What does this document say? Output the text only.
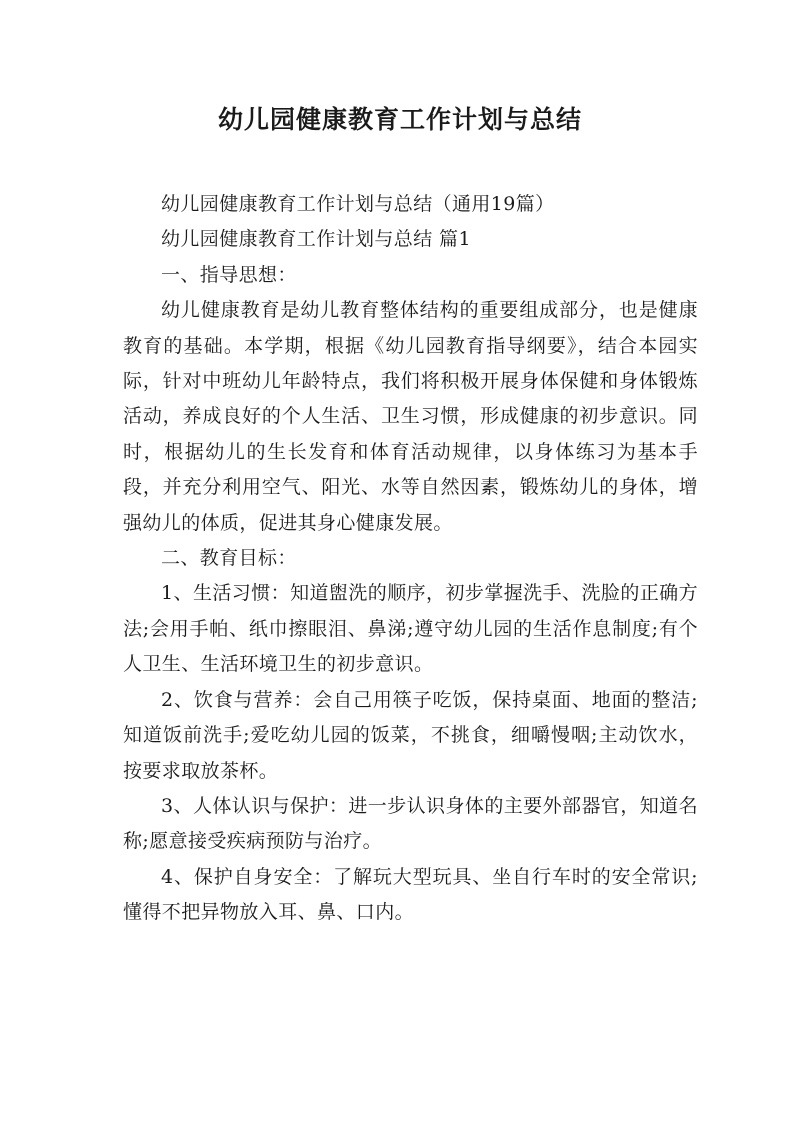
幼儿园健康教育工作计划与总结

幼儿园健康教育工作计划与总结（通用19篇）

幼儿园健康教育工作计划与总结 篇1

一、指导思想：

幼儿健康教育是幼儿教育整体结构的重要组成部分，也是健康教育的基础。本学期，根据《幼儿园教育指导纲要》，结合本园实际，针对中班幼儿年龄特点，我们将积极开展身体保健和身体锻炼活动，养成良好的个人生活、卫生习惯，形成健康的初步意识。同时，根据幼儿的生长发育和体育活动规律，以身体练习为基本手段，并充分利用空气、阳光、水等自然因素，锻炼幼儿的身体，增强幼儿的体质，促进其身心健康发展。

二、教育目标：

1、生活习惯：知道盥洗的顺序，初步掌握洗手、洗脸的正确方法;会用手帕、纸巾擦眼泪、鼻涕;遵守幼儿园的生活作息制度;有个人卫生、生活环境卫生的初步意识。

2、饮食与营养：会自己用筷子吃饭，保持桌面、地面的整洁;知道饭前洗手;爱吃幼儿园的饭菜，不挑食，细嚼慢咽;主动饮水，按要求取放茶杯。

3、人体认识与保护：进一步认识身体的主要外部器官，知道名称;愿意接受疾病预防与治疗。

4、保护自身安全：了解玩大型玩具、坐自行车时的安全常识;懂得不把异物放入耳、鼻、口内。
